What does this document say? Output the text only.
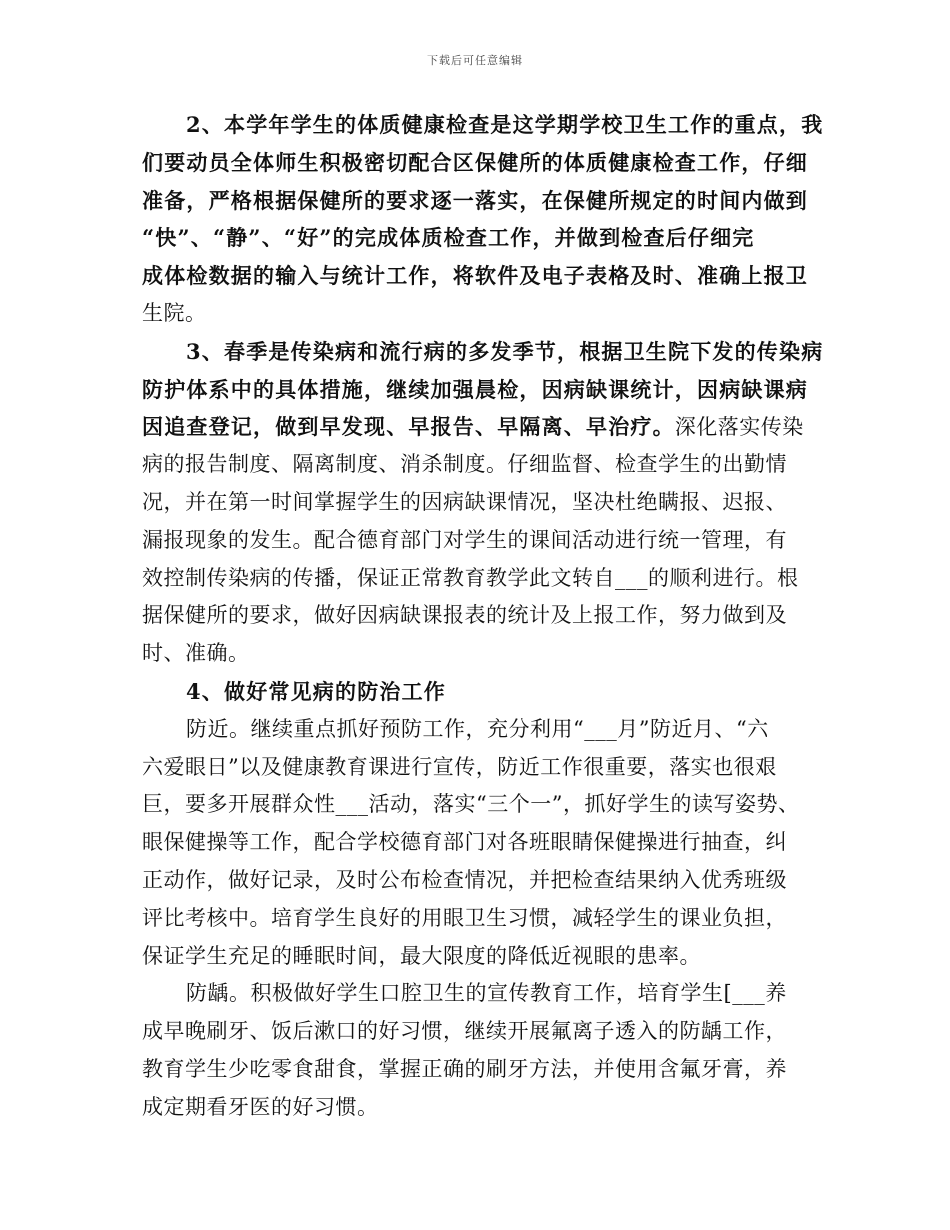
下载后可任意编辑
2、本学年学生的体质健康检查是这学期学校卫生工作的重点，我
们要动员全体师生积极密切配合区保健所的体质健康检查工作，仔细
准备，严格根据保健所的要求逐一落实，在保健所规定的时间内做到
“快”、“静”、“好”的完成体质检查工作，并做到检查后仔细完
成体检数据的输入与统计工作，将软件及电子表格及时、准确上报卫
生院。
3、春季是传染病和流行病的多发季节，根据卫生院下发的传染病
防护体系中的具体措施，继续加强晨检，因病缺课统计，因病缺课病
因追查登记，做到早发现、早报告、早隔离、早治疗。深化落实传染
病的报告制度、隔离制度、消杀制度。仔细监督、检查学生的出勤情
况，并在第一时间掌握学生的因病缺课情况，坚决杜绝瞒报、迟报、
漏报现象的发生。配合德育部门对学生的课间活动进行统一管理，有
效控制传染病的传播，保证正常教育教学此文转自___的顺利进行。根
据保健所的要求，做好因病缺课报表的统计及上报工作，努力做到及
时、准确。
4、做好常见病的防治工作
防近。继续重点抓好预防工作，充分利用“___月”防近月、“六
六爱眼日”以及健康教育课进行宣传，防近工作很重要，落实也很艰
巨，要多开展群众性___活动，落实“三个一”，抓好学生的读写姿势、
眼保健操等工作，配合学校德育部门对各班眼睛保健操进行抽查，纠
正动作，做好记录，及时公布检查情况，并把检查结果纳入优秀班级
评比考核中。培育学生良好的用眼卫生习惯，减轻学生的课业负担，
保证学生充足的睡眠时间，最大限度的降低近视眼的患率。
防龋。积极做好学生口腔卫生的宣传教育工作，培育学生[___养
成早晚刷牙、饭后漱口的好习惯，继续开展氟离子透入的防龋工作，
教育学生少吃零食甜食，掌握正确的刷牙方法，并使用含氟牙膏，养
成定期看牙医的好习惯。
